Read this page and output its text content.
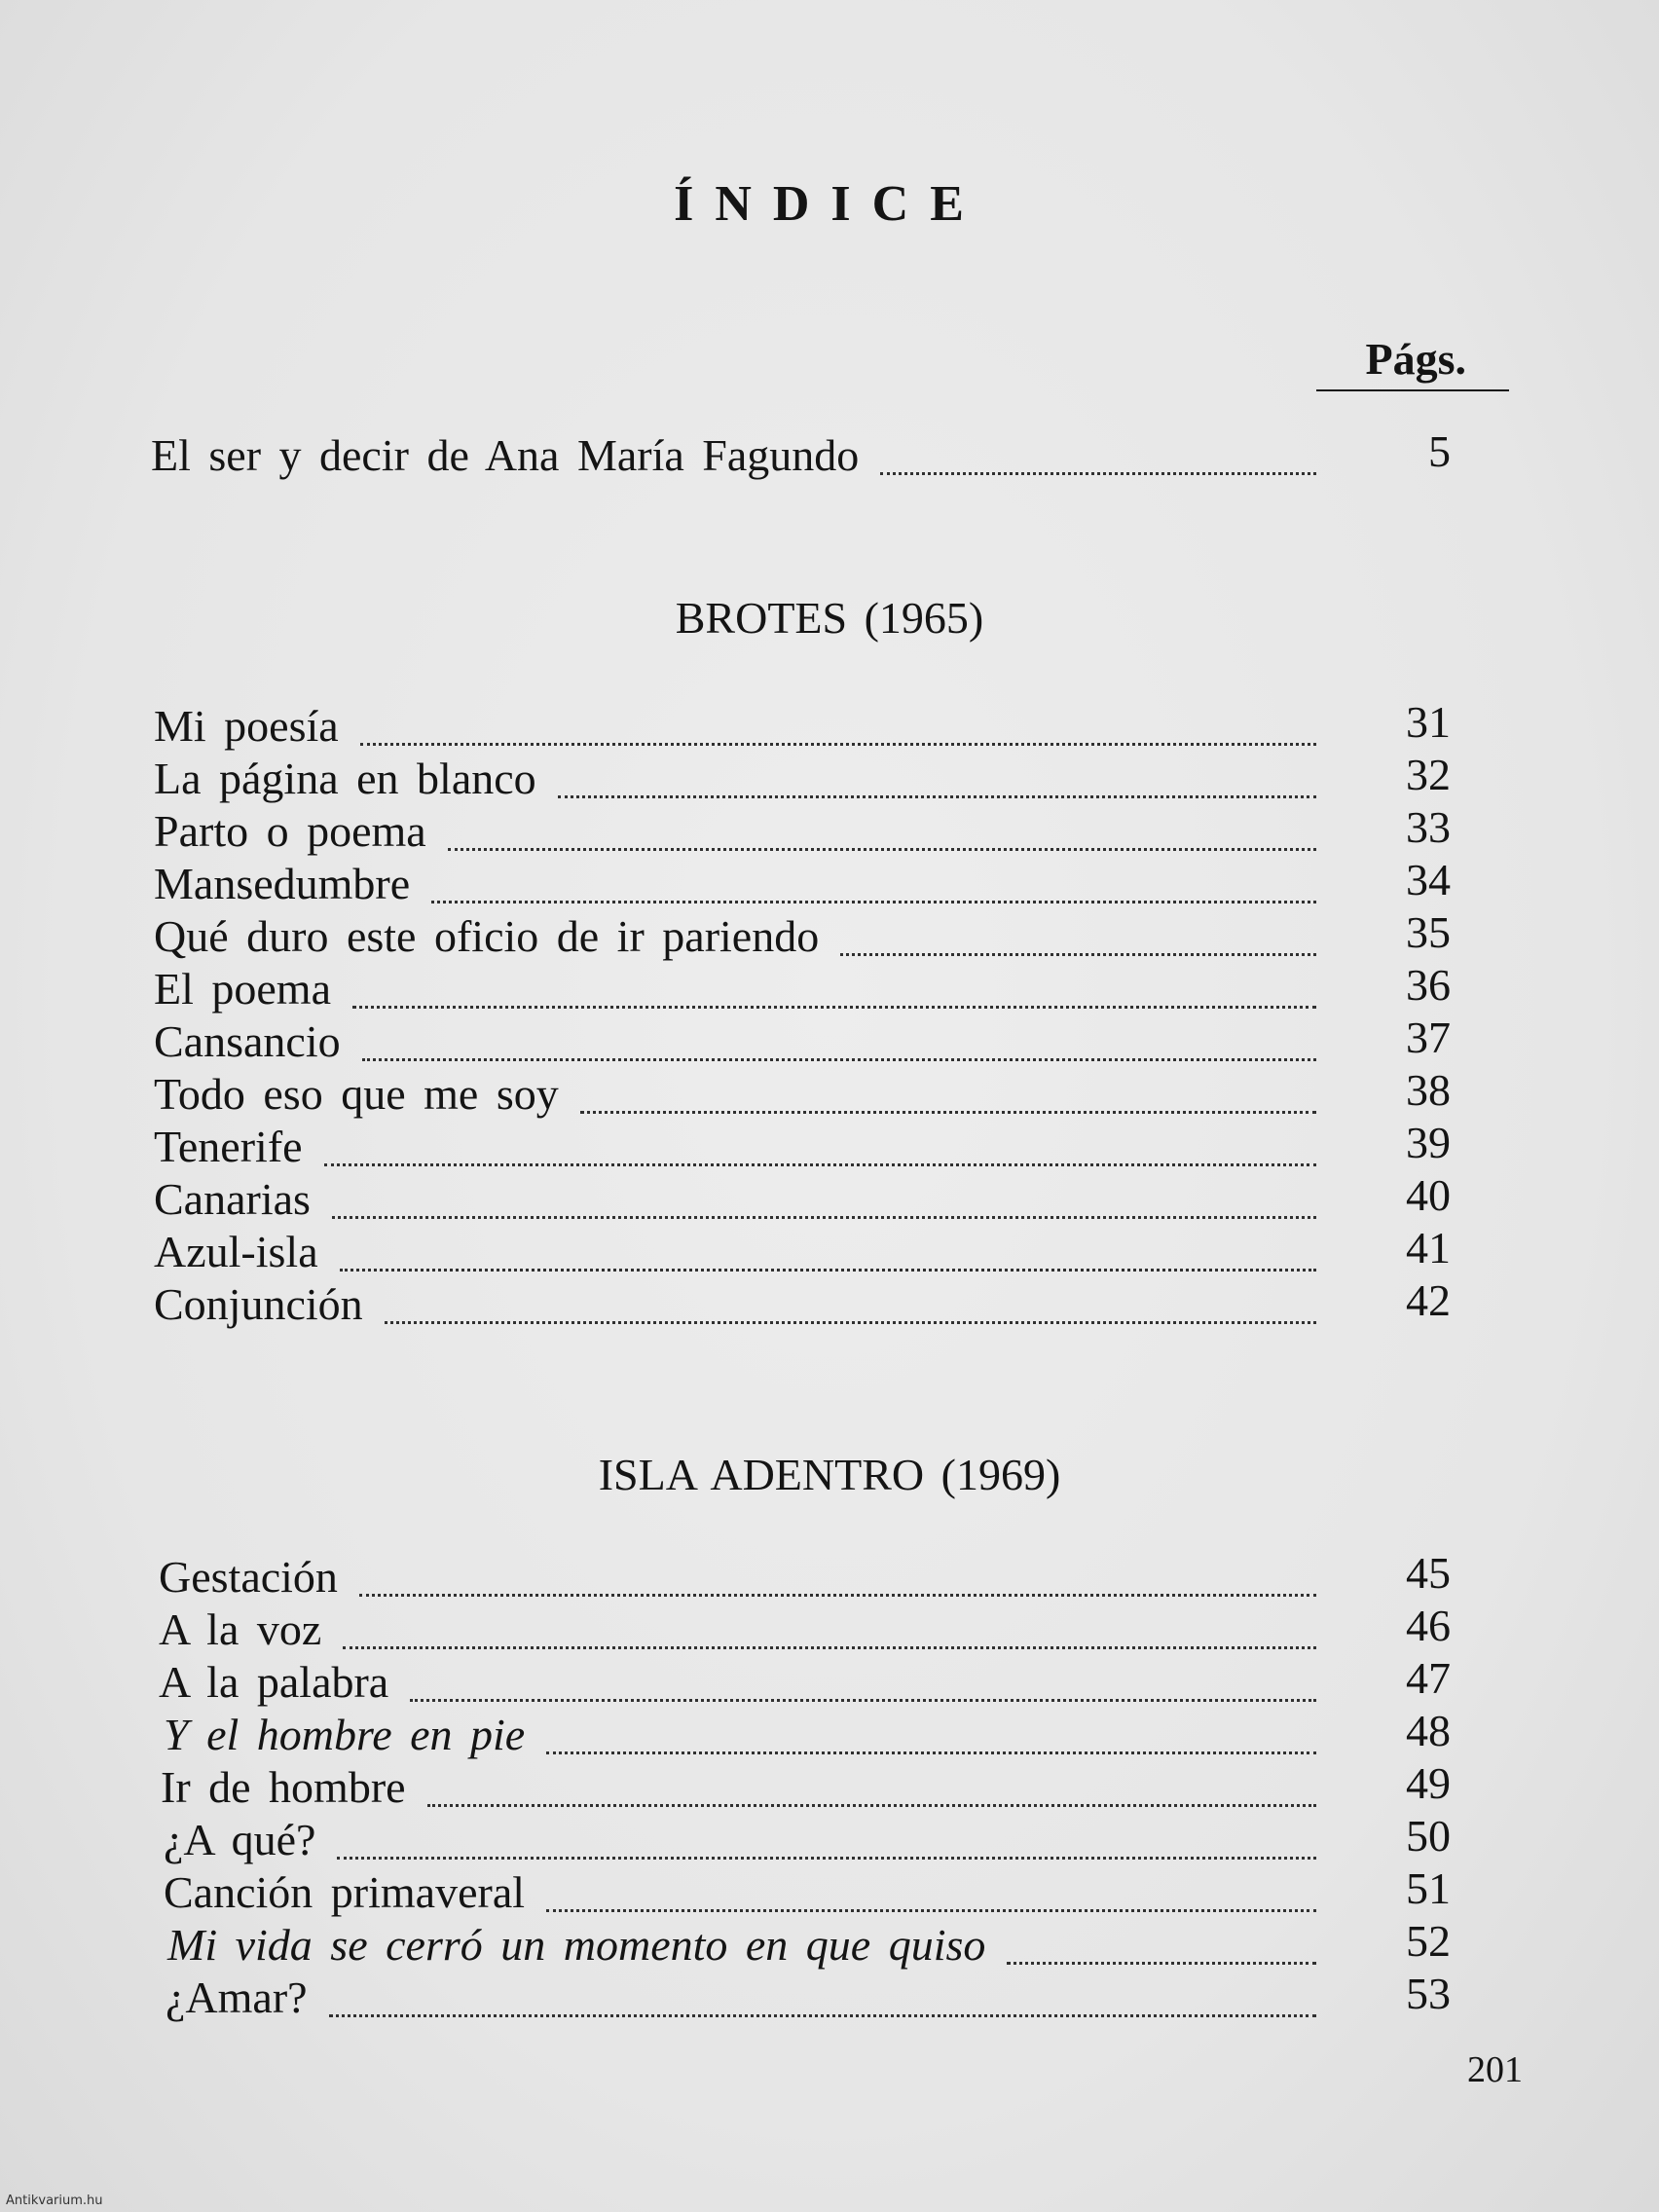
ÍNDICE
Págs.
El ser y decir de Ana María Fagundo	5
BROTES (1965)
Mi poesía	31
La página en blanco	32
Parto o poema	33
Mansedumbre	34
Qué duro este oficio de ir pariendo	35
El poema	36
Cansancio	37
Todo eso que me soy	38
Tenerife	39
Canarias	40
Azul-isla	41
Conjunción	42
ISLA ADENTRO (1969)
Gestación	45
A la voz	46
A la palabra	47
Y el hombre en pie	48
Ir de hombre	49
¿A qué?	50
Canción primaveral	51
Mi vida se cerró un momento en que quiso	52
¿Amar?	53
201
Antikvarium.hu
